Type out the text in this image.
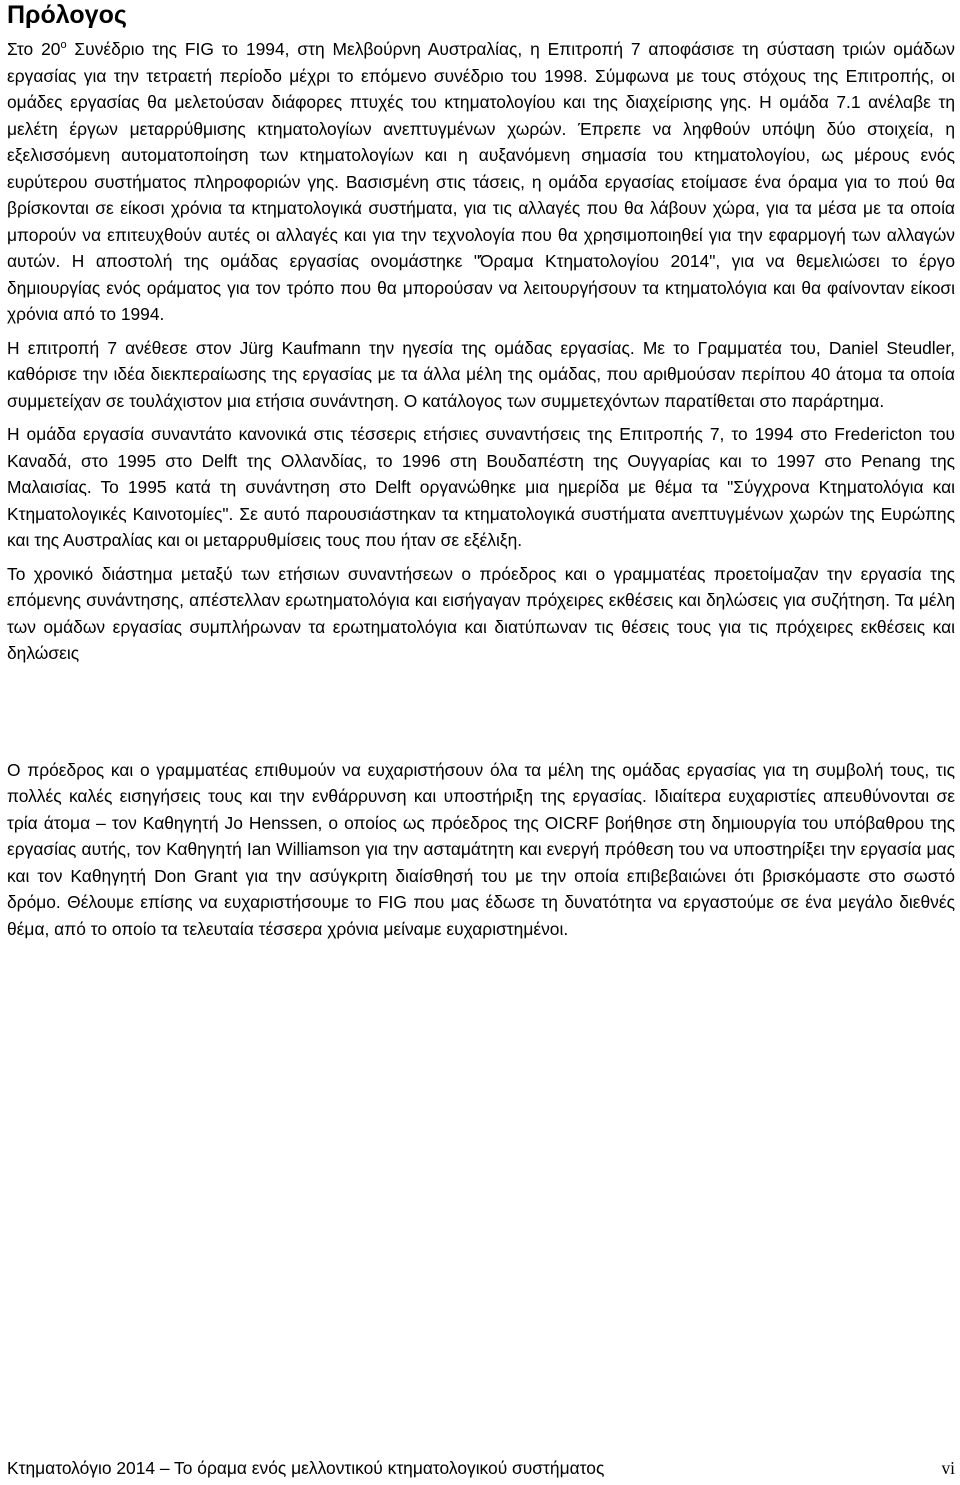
Πρόλογος

Στο $20^o$ Συνέδριο της FIG το 1994, στη Μελβούρνη Αυστραλίας, η Επιτροπή 7 αποφάσισε τη σύσταση τριών ομάδων εργασίας για την τετραετή περίοδο μέχρι το επόμενο συνέδριο του 1998. Σύμφωνα με τους στόχους της Επιτροπής, οι ομάδες εργασίας θα μελετούσαν διάφορες πτυχές του κτηματολογίου και της διαχείρισης γης. Η ομάδα 7.1 ανέλαβε τη μελέτη έργων μεταρρύθμισης κτηματολογίων ανεπτυγμένων χωρών. Έπρεπε να ληφθούν υπόψη δύο στοιχεία, η εξελισσόμενη αυτοματοποίηση των κτηματολογίων και η αυξανόμενη σημασία του κτηματολογίου, ως μέρους ενός ευρύτερου συστήματος πληροφοριών γης. Βασισμένη στις τάσεις, η ομάδα εργασίας ετοίμασε ένα όραμα για το πού θα βρίσκονται σε είκοσι χρόνια τα κτηματολογικά συστήματα, για τις αλλαγές που θα λάβουν χώρα, για τα μέσα με τα οποία μπορούν να επιτευχθούν αυτές οι αλλαγές και για την τεχνολογία που θα χρησιμοποιηθεί για την εφαρμογή των αλλαγών αυτών. Η αποστολή της ομάδας εργασίας ονομάστηκε "Όραμα Κτηματολογίου 2014", για να θεμελιώσει το έργο δημιουργίας ενός οράματος για τον τρόπο που θα μπορούσαν να λειτουργήσουν τα κτηματολόγια και θα φαίνονταν είκοσι χρόνια από το 1994.

Η επιτροπή 7 ανέθεσε στον Jürg Kaufmann την ηγεσία της ομάδας εργασίας. Με το Γραμματέα του, Daniel Steudler, καθόρισε την ιδέα διεκπεραίωσης της εργασίας με τα άλλα μέλη της ομάδας, που αριθμούσαν περίπου 40 άτομα τα οποία συμμετείχαν σε τουλάχιστον μια ετήσια συνάντηση. Ο κατάλογος των συμμετεχόντων παρατίθεται στο παράρτημα.

Η ομάδα εργασία συναντάτο κανονικά στις τέσσερις ετήσιες συναντήσεις της Επιτροπής 7, το 1994 στο Fredericton του Καναδά, στο 1995 στο Delft της Ολλανδίας, το 1996 στη Βουδαπέστη της Ουγγαρίας και το 1997 στο Penang της Μαλαισίας. Το 1995 κατά τη συνάντηση στο Delft οργανώθηκε μια ημερίδα με θέμα τα "Σύγχρονα Κτηματολόγια και Κτηματολογικές Καινοτομίες". Σε αυτό παρουσιάστηκαν τα κτηματολογικά συστήματα ανεπτυγμένων χωρών της Ευρώπης και της Αυστραλίας και οι μεταρρυθμίσεις τους που ήταν σε εξέλιξη.

Το χρονικό διάστημα μεταξύ των ετήσιων συναντήσεων ο πρόεδρος και ο γραμματέας προετοίμαζαν την εργασία της επόμενης συνάντησης, απέστελλαν ερωτηματολόγια και εισήγαγαν πρόχειρες εκθέσεις και δηλώσεις για συζήτηση. Τα μέλη των ομάδων εργασίας συμπλήρωναν τα ερωτηματολόγια και διατύπωναν τις θέσεις τους για τις πρόχειρες εκθέσεις και δηλώσεις

Ο πρόεδρος και ο γραμματέας επιθυμούν να ευχαριστήσουν όλα τα μέλη της ομάδας εργασίας για τη συμβολή τους, τις πολλές καλές εισηγήσεις τους και την ενθάρρυνση και υποστήριξη της εργασίας. Ιδιαίτερα ευχαριστίες απευθύνονται σε τρία άτομα – τον Καθηγητή Jo Henssen, ο οποίος ως πρόεδρος της OICRF βοήθησε στη δημιουργία του υπόβαθρου της εργασίας αυτής, τον Καθηγητή Ian Williamson για την ασταμάτητη και ενεργή πρόθεση του να υποστηρίξει την εργασία μας και τον Καθηγητή Don Grant για την ασύγκριτη διαίσθησή του με την οποία επιβεβαιώνει ότι βρισκόμαστε στο σωστό δρόμο. Θέλουμε επίσης να ευχαριστήσουμε το FIG που μας έδωσε τη δυνατότητα να εργαστούμε σε ένα μεγάλο διεθνές θέμα, από το οποίο τα τελευταία τέσσερα χρόνια μείναμε ευχαριστημένοι.

Κτηματολόγιο 2014 – Το όραμα ενός μελλοντικού κτηματολογικού συστήματος	vi
